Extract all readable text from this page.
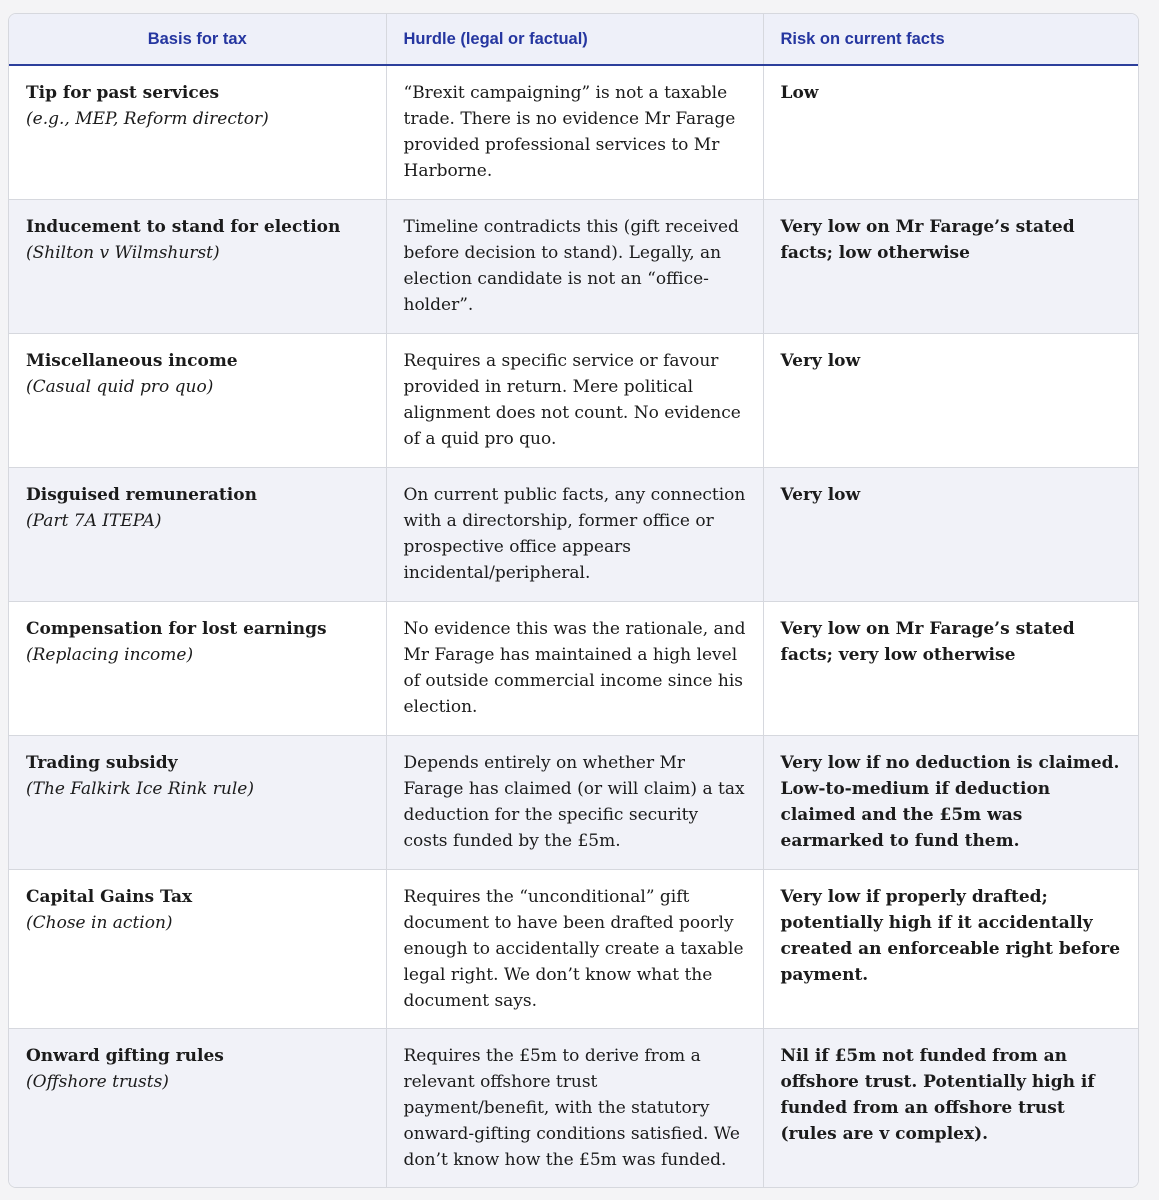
Basis for tax	Hurdle (legal or factual)	Risk on current facts

Tip for past services
(e.g., MEP, Reform director)	“Brexit campaigning” is not a taxable trade. There is no evidence Mr Farage provided professional services to Mr Harborne.	Low

Inducement to stand for election
(Shilton v Wilmshurst)	Timeline contradicts this (gift received before decision to stand). Legally, an election candidate is not an “office-holder”.	Very low on Mr Farage’s stated facts; low otherwise

Miscellaneous income
(Casual quid pro quo)	Requires a specific service or favour provided in return. Mere political alignment does not count. No evidence of a quid pro quo.	Very low

Disguised remuneration
(Part 7A ITEPA)	On current public facts, any connection with a directorship, former office or prospective office appears incidental/peripheral.	Very low

Compensation for lost earnings
(Replacing income)	No evidence this was the rationale, and Mr Farage has maintained a high level of outside commercial income since his election.	Very low on Mr Farage’s stated facts; very low otherwise

Trading subsidy
(The Falkirk Ice Rink rule)	Depends entirely on whether Mr Farage has claimed (or will claim) a tax deduction for the specific security costs funded by the £5m.	Very low if no deduction is claimed. Low-to-medium if deduction claimed and the £5m was earmarked to fund them.

Capital Gains Tax
(Chose in action)	Requires the “unconditional” gift document to have been drafted poorly enough to accidentally create a taxable legal right. We don’t know what the document says.	Very low if properly drafted; potentially high if it accidentally created an enforceable right before payment.

Onward gifting rules
(Offshore trusts)	Requires the £5m to derive from a relevant offshore trust payment/benefit, with the statutory onward-gifting conditions satisfied. We don’t know how the £5m was funded.	Nil if £5m not funded from an offshore trust. Potentially high if funded from an offshore trust (rules are v complex).
